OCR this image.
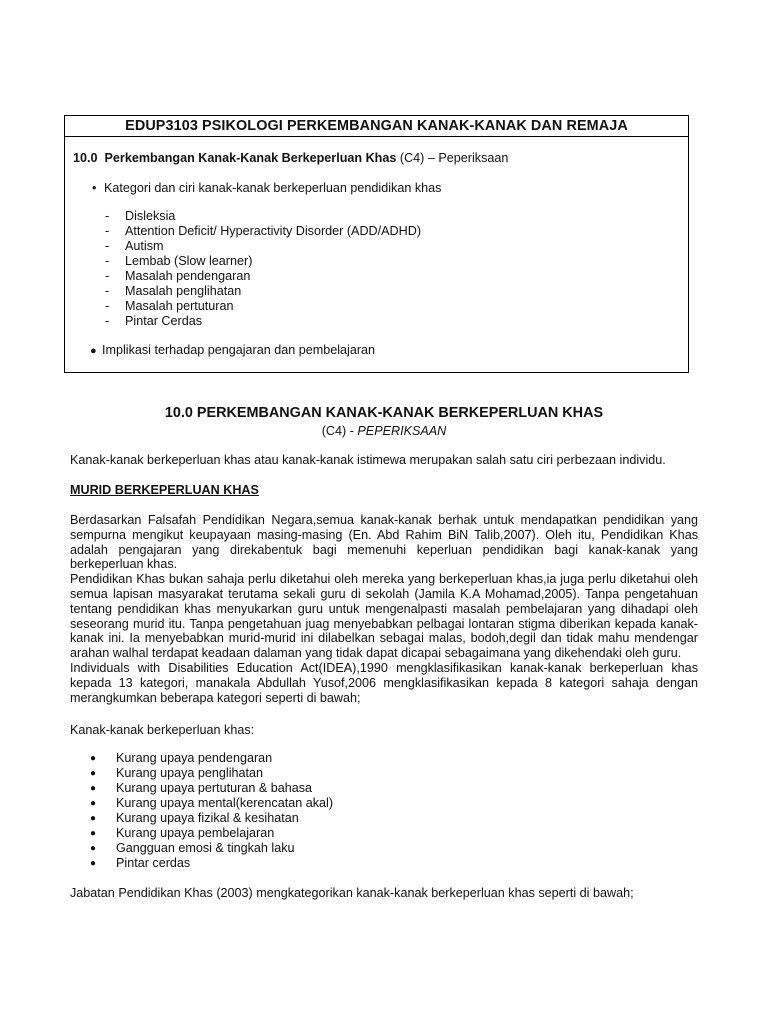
EDUP3103 PSIKOLOGI PERKEMBANGAN KANAK-KANAK DAN REMAJA
10.0 Perkembangan Kanak-Kanak Berkeperluan Khas (C4) – Peperiksaan
• Kategori dan ciri kanak-kanak berkeperluan pendidikan khas
- Disleksia
- Attention Deficit/ Hyperactivity Disorder (ADD/ADHD)
- Autism
- Lembab (Slow learner)
- Masalah pendengaran
- Masalah penglihatan
- Masalah pertuturan
- Pintar Cerdas
● Implikasi terhadap pengajaran dan pembelajaran
10.0 PERKEMBANGAN KANAK-KANAK BERKEPERLUAN KHAS
(C4) - PEPERIKSAAN

Kanak-kanak berkeperluan khas atau kanak-kanak istimewa merupakan salah satu ciri perbezaan individu.

MURID BERKEPERLUAN KHAS

Berdasarkan Falsafah Pendidikan Negara,semua kanak-kanak berhak untuk mendapatkan pendidikan yang sempurna mengikut keupayaan masing-masing (En. Abd Rahim BiN Talib,2007). Oleh itu, Pendidikan Khas adalah pengajaran yang direkabentuk bagi memenuhi keperluan pendidikan bagi kanak-kanak yang berkeperluan khas.

Pendidikan Khas bukan sahaja perlu diketahui oleh mereka yang berkeperluan khas,ia juga perlu diketahui oleh semua lapisan masyarakat terutama sekali guru di sekolah (Jamila K.A Mohamad,2005). Tanpa pengetahuan tentang pendidikan khas menyukarkan guru untuk mengenalpasti masalah pembelajaran yang dihadapi oleh seseorang murid itu. Tanpa pengetahuan juag menyebabkan pelbagai lontaran stigma diberikan kepada kanak-kanak ini. Ia menyebabkan murid-murid ini dilabelkan sebagai malas, bodoh,degil dan tidak mahu mendengar arahan walhal terdapat keadaan dalaman yang tidak dapat dicapai sebagaimana yang dikehendaki oleh guru.

Individuals with Disabilities Education Act(IDEA),1990 mengklasifikasikan kanak-kanak berkeperluan khas kepada 13 kategori, manakala Abdullah Yusof,2006 mengklasifikasikan kepada 8 kategori sahaja dengan merangkumkan beberapa kategori seperti di bawah;

Kanak-kanak berkeperluan khas:
● Kurang upaya pendengaran
● Kurang upaya penglihatan
● Kurang upaya pertuturan & bahasa
● Kurang upaya mental(kerencatan akal)
● Kurang upaya fizikal & kesihatan
● Kurang upaya pembelajaran
● Gangguan emosi & tingkah laku
● Pintar cerdas
Jabatan Pendidikan Khas (2003) mengkategorikan kanak-kanak berkeperluan khas seperti di bawah;
